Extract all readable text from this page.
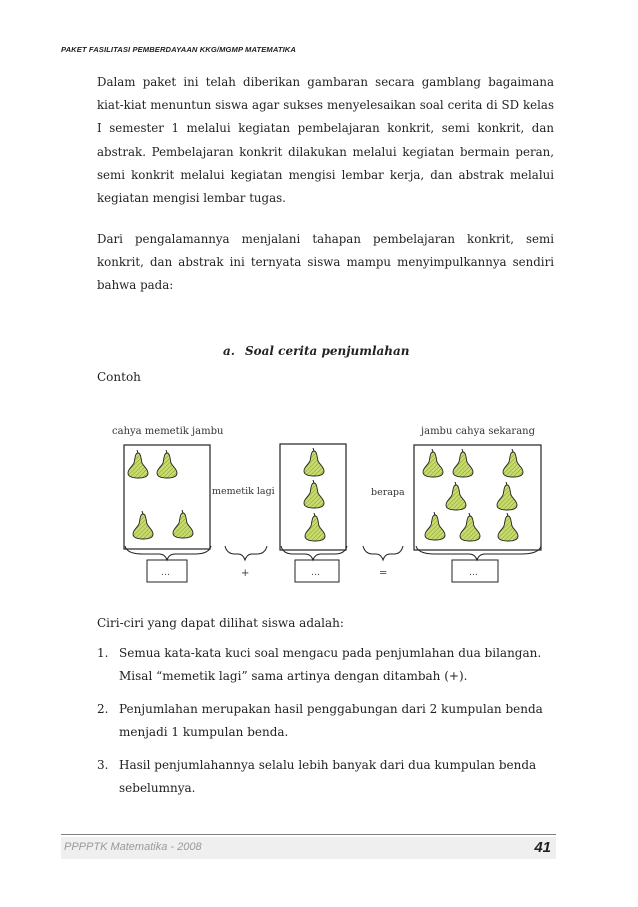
PAKET FASILITASI PEMBERDAYAAN KKG/MGMP MATEMATIKA

Dalam paket ini telah diberikan gambaran secara gamblang bagaimana kiat-kiat menuntun siswa agar sukses menyelesaikan soal cerita di SD kelas I semester 1 melalui kegiatan pembelajaran konkrit, semi konkrit, dan abstrak. Pembelajaran konkrit dilakukan melalui kegiatan bermain peran, semi konkrit melalui kegiatan mengisi lembar kerja, dan abstrak melalui kegiatan mengisi lembar tugas.

Dari pengalamannya menjalani tahapan pembelajaran konkrit, semi konkrit, dan abstrak ini ternyata siswa mampu menyimpulkannya sendiri bahwa pada:

a. Soal cerita penjumlahan
Contoh
cahya memetik jambu	jambu cahya sekarang
memetik lagi	berapa
…	+	…	=	…
Ciri-ciri yang dapat dilihat siswa adalah:
1. Semua kata-kata kuci soal mengacu pada penjumlahan dua bilangan.
Misal “memetik lagi” sama artinya dengan ditambah (+).
2. Penjumlahan merupakan hasil penggabungan dari 2 kumpulan benda
menjadi 1 kumpulan benda.
3. Hasil penjumlahannya selalu lebih banyak dari dua kumpulan benda
sebelumnya.
PPPPTK Matematika - 2008	41
